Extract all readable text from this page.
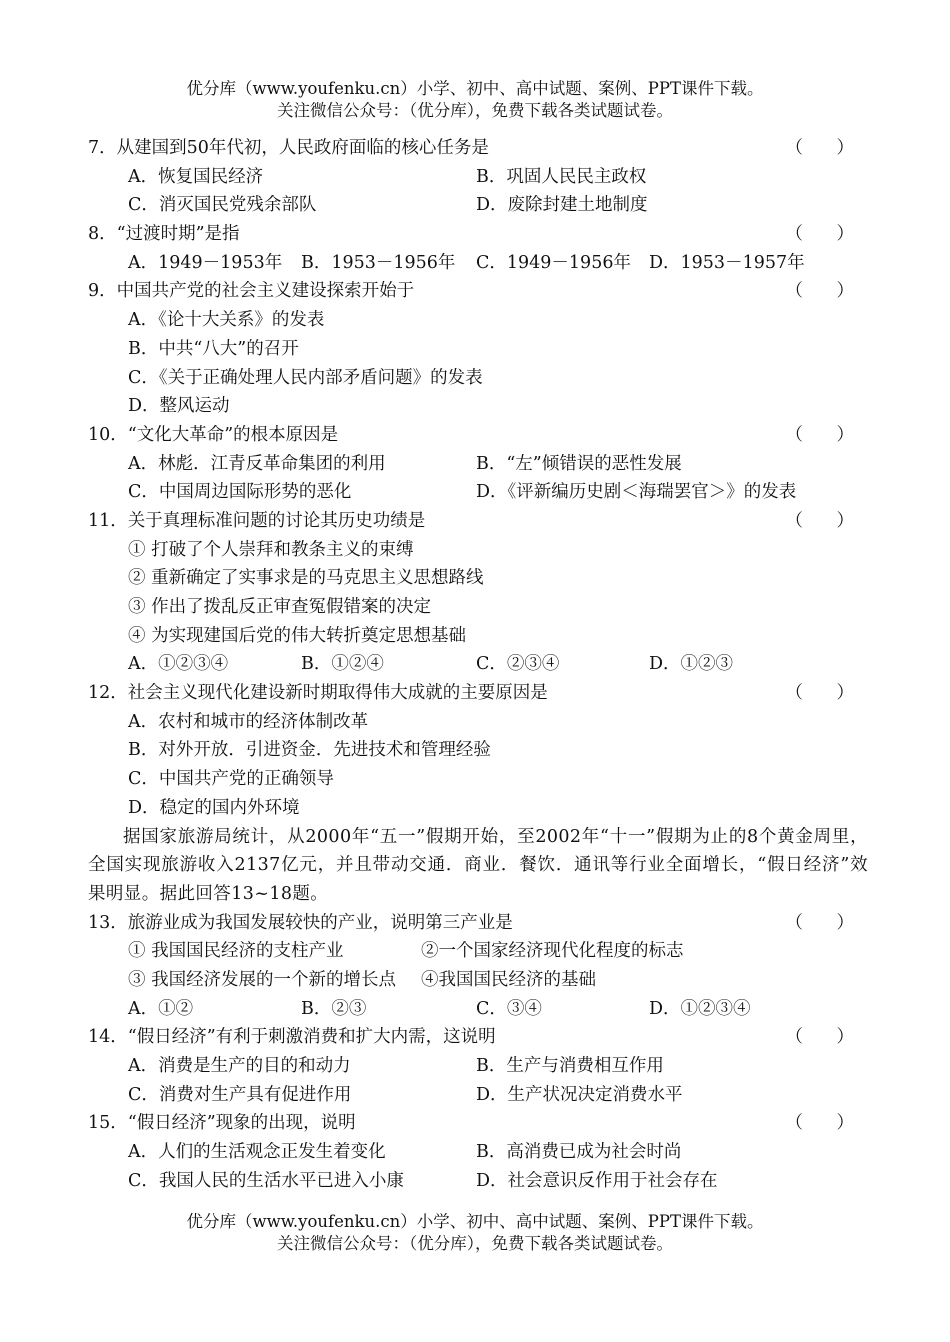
优分库（www.youfenku.cn）小学、初中、高中试题、案例、PPT课件下载。
关注微信公众号：（优分库），免费下载各类试题试卷。
7．从建国到50年代初，人民政府面临的核心任务是	（ ）
A．恢复国民经济	B．巩固人民民主政权
C．消灭国民党残余部队	D．废除封建土地制度
8．“过渡时期”是指	（ ）
A．1949－1953年 B．1953－1956年 C．1949－1956年 D．1953－1957年
9．中国共产党的社会主义建设探索开始于	（ ）
A．《论十大关系》的发表
B．中共“八大”的召开
C．《关于正确处理人民内部矛盾问题》的发表
D．整风运动
10．“文化大革命”的根本原因是	（ ）
A．林彪．江青反革命集团的利用	B．“左”倾错误的恶性发展
C．中国周边国际形势的恶化	D．《评新编历史剧＜海瑞罢官＞》的发表
11．关于真理标准问题的讨论其历史功绩是	（ ）
① 打破了个人崇拜和教条主义的束缚
② 重新确定了实事求是的马克思主义思想路线
③ 作出了拨乱反正审查冤假错案的决定
④ 为实现建国后党的伟大转折奠定思想基础
A．①②③④	B．①②④	C．②③④	D．①②③
12．社会主义现代化建设新时期取得伟大成就的主要原因是	（ ）
A．农村和城市的经济体制改革
B．对外开放．引进资金．先进技术和管理经验
C．中国共产党的正确领导
D．稳定的国内外环境
据国家旅游局统计，从2000年“五一”假期开始，至2002年“十一”假期为止的8个黄金周里，全国实现旅游收入2137亿元，并且带动交通．商业．餐饮．通讯等行业全面增长，“假日经济”效果明显。据此回答13~18题。
13．旅游业成为我国发展较快的产业，说明第三产业是	（ ）
① 我国国民经济的支柱产业	②一个国家经济现代化程度的标志
③ 我国经济发展的一个新的增长点 ④我国国民经济的基础
A．①②	B．②③	C．③④	D．①②③④
14．“假日经济”有利于刺激消费和扩大内需，这说明	（ ）
A．消费是生产的目的和动力	B．生产与消费相互作用
C．消费对生产具有促进作用	D．生产状况决定消费水平
15．“假日经济”现象的出现，说明	（ ）
A．人们的生活观念正发生着变化	B．高消费已成为社会时尚
C．我国人民的生活水平已进入小康	D．社会意识反作用于社会存在
优分库（www.youfenku.cn）小学、初中、高中试题、案例、PPT课件下载。
关注微信公众号：（优分库），免费下载各类试题试卷。
